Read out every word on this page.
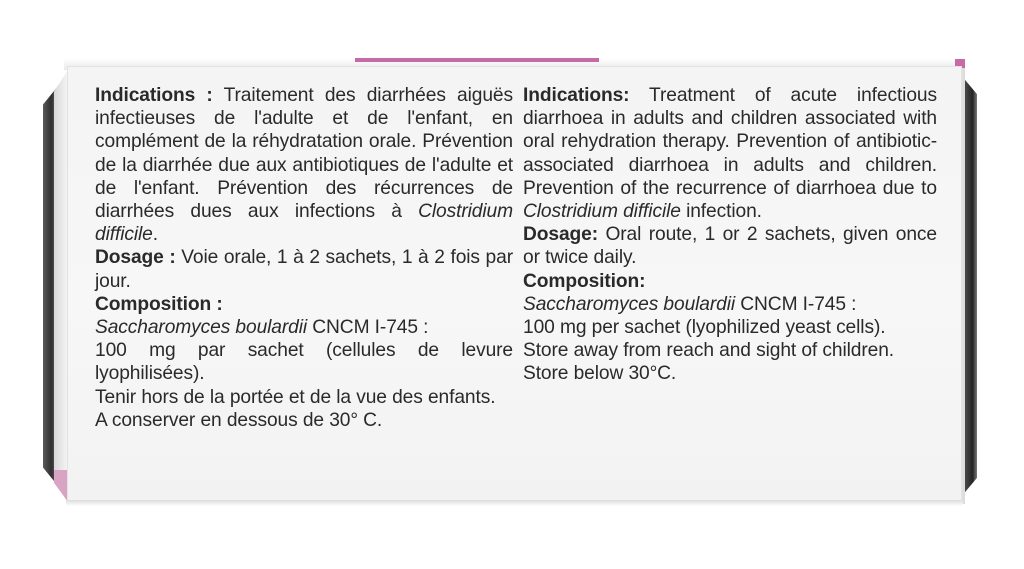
Indications : Traitement des diarrhées aiguës infectieuses de l'adulte et de l'enfant, en complément de la réhydratation orale. Prévention de la diarrhée due aux antibiotiques de l'adulte et de l'enfant. Prévention des récurrences de diarrhées dues aux infections à Clostridium difficile.

Dosage : Voie orale, 1 à 2 sachets, 1 à 2 fois par jour.

Composition :

Saccharomyces boulardii CNCM I-745 :

100 mg par sachet (cellules de levure lyophilisées).

Tenir hors de la portée et de la vue des enfants.

A conserver en dessous de 30° C.

Indications: Treatment of acute infectious diarrhoea in adults and children associated with oral rehydration therapy. Prevention of antibiotic-associated diarrhoea in adults and children. Prevention of the recurrence of diarrhoea due to Clostridium difficile infection.

Dosage: Oral route, 1 or 2 sachets, given once or twice daily.

Composition:

Saccharomyces boulardii CNCM I-745 :

100 mg per sachet (lyophilized yeast cells).

Store away from reach and sight of children.

Store below 30°C.
